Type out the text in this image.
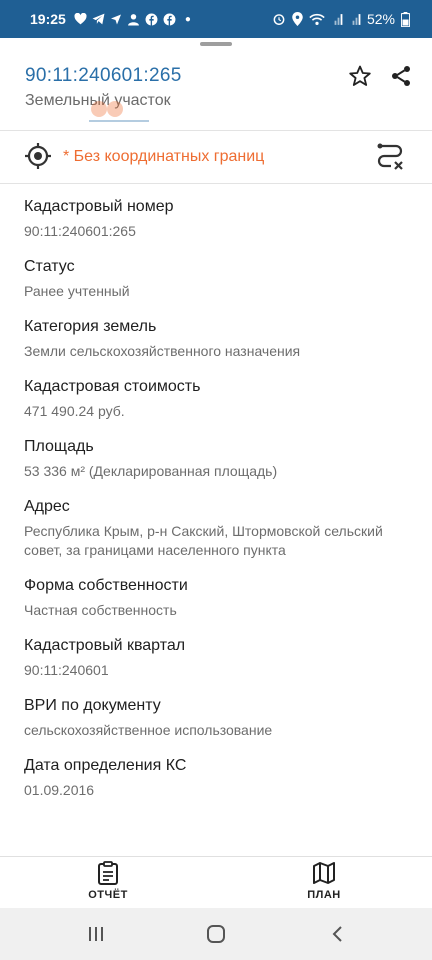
19:25	●	52%
90:11:240601:265
Земельный участок
* Без координатных границ
Кадастровый номер
90:11:240601:265
Статус
Ранее учтенный
Категория земель
Земли сельскохозяйственного назначения
Кадастровая стоимость
471 490.24 руб.
Площадь
53 336 м² (Декларированная площадь)
Адрес
Республика Крым, р-н Сакский, Штормовской сельский совет, за границами населенного пункта
Форма собственности
Частная собственность
Кадастровый квартал
90:11:240601
ВРИ по документу
сельскохозяйственное использование
Дата определения КС
01.09.2016
ОТЧЁТ	ПЛАН
